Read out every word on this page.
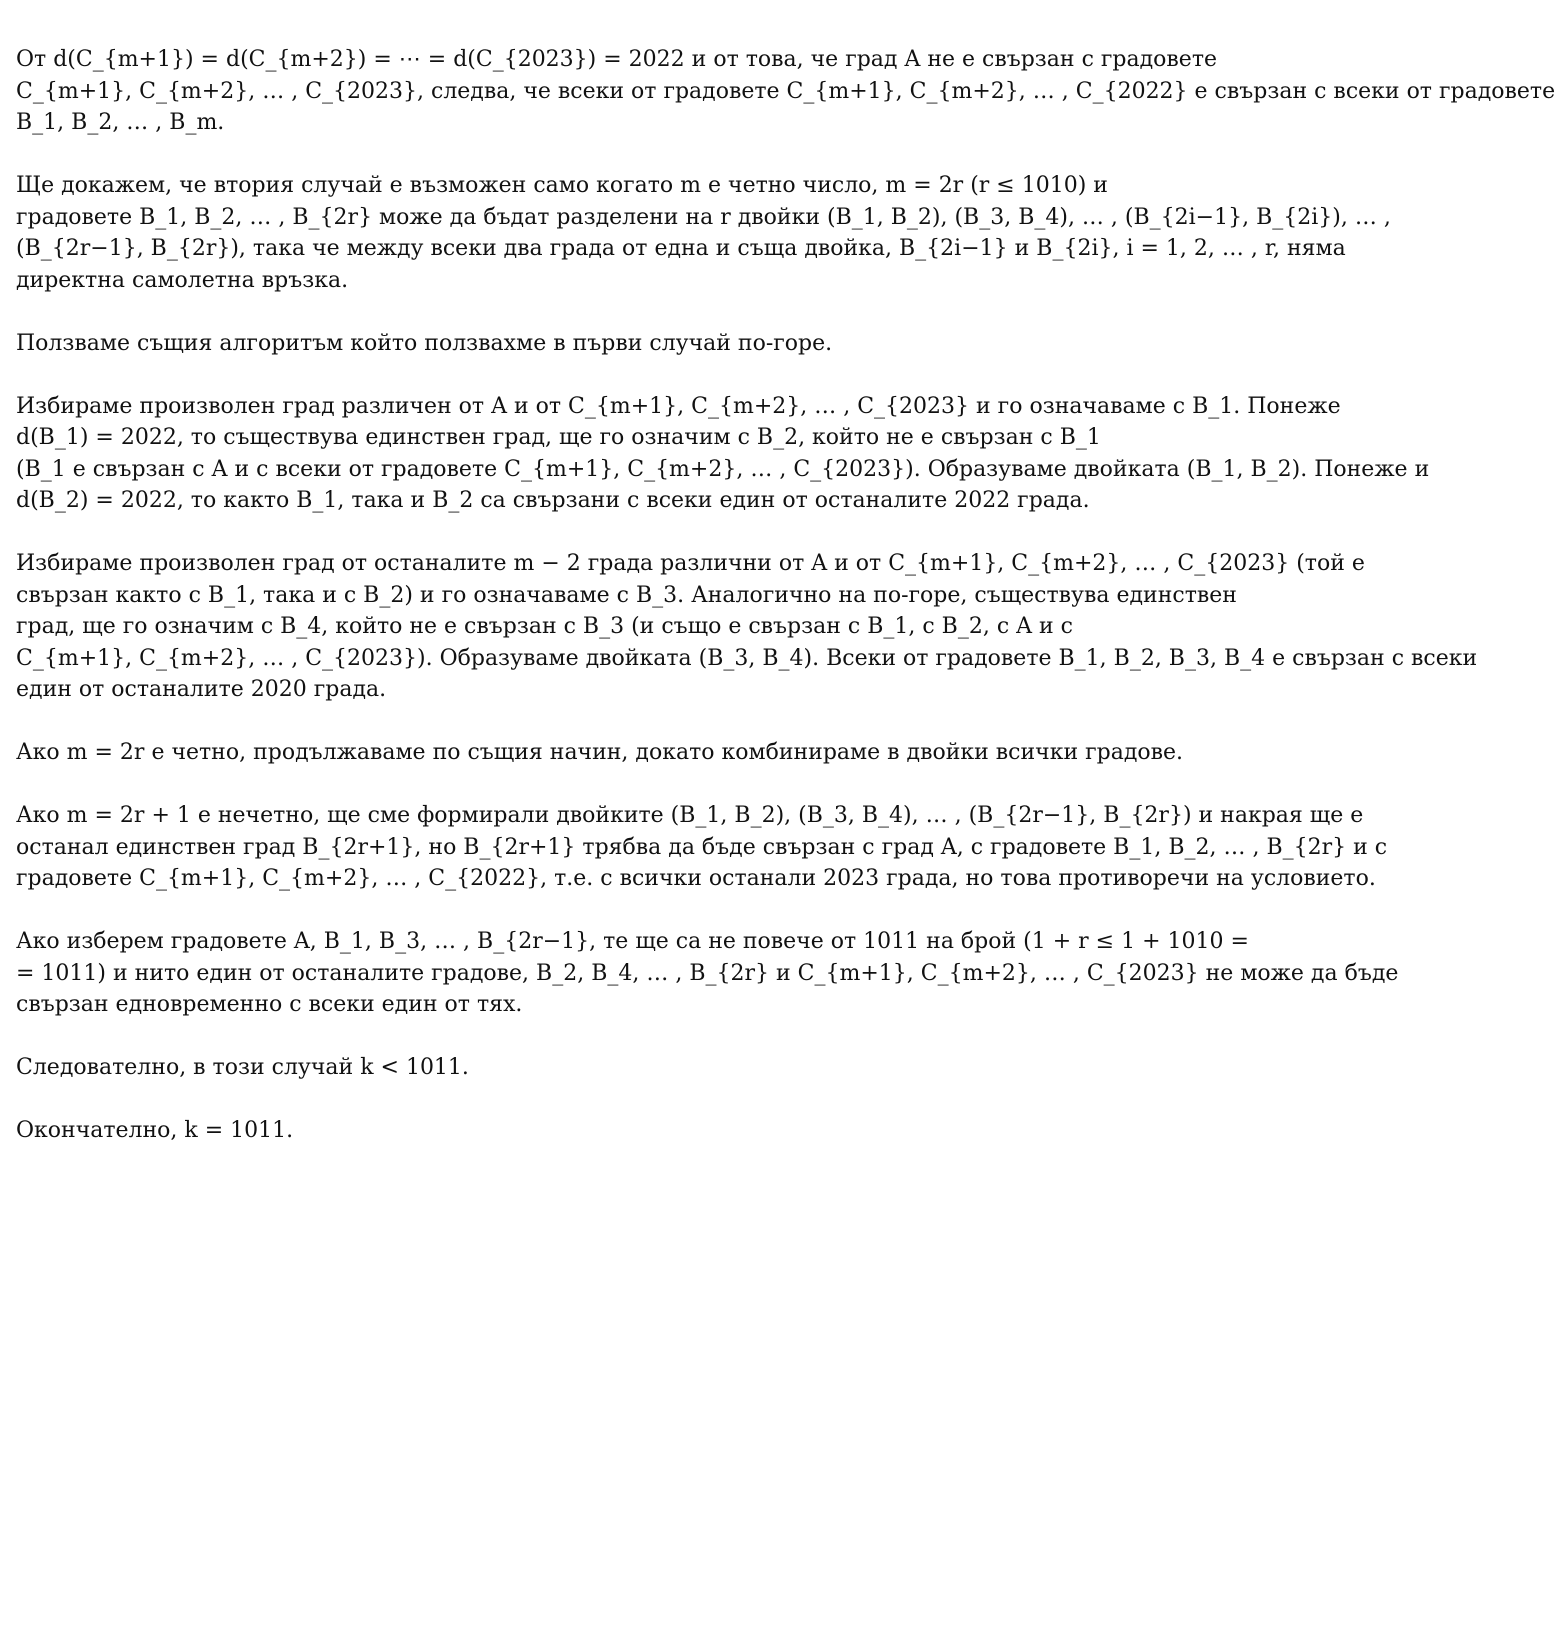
От d(C_{m+1}) = d(C_{m+2}) = ⋯ = d(C_{2023}) = 2022 и от това, че град A не е свързан с градовете
C_{m+1}, C_{m+2}, … , C_{2023}, следва, че всеки от градовете C_{m+1}, C_{m+2}, … , C_{2022} е свързан с всеки от градовете
B_1, B_2, … , B_m.

Ще докажем, че втория случай е възможен само когато m е четно число, m = 2r (r ≤ 1010) и
градовете B_1, B_2, … , B_{2r} може да бъдат разделени на r двойки (B_1, B_2), (B_3, B_4), … , (B_{2i−1}, B_{2i}), … ,
(B_{2r−1}, B_{2r}), така че между всеки два града от една и съща двойка, B_{2i−1} и B_{2i}, i = 1, 2, … , r, няма
директна самолетна връзка.

Ползваме същия алгоритъм който ползвахме в първи случай по-горе.

Избираме произволен град различен от A и от C_{m+1}, C_{m+2}, … , C_{2023} и го означаваме с B_1. Понеже
d(B_1) = 2022, то съществува единствен град, ще го означим с B_2, който не е свързан с B_1
(B_1 е свързан с A и с всеки от градовете C_{m+1}, C_{m+2}, … , C_{2023}). Образуваме двойката (B_1, B_2). Понеже и
d(B_2) = 2022, то както B_1, така и B_2 са свързани с всеки един от останалите 2022 града.

Избираме произволен град от останалите m − 2 града различни от A и от C_{m+1}, C_{m+2}, … , C_{2023} (той е
свързан както с B_1, така и с B_2) и го означаваме с B_3. Аналогично на по-горе, съществува единствен
град, ще го означим с B_4, който не е свързан с B_3 (и също е свързан с B_1, с B_2, с A и с
C_{m+1}, C_{m+2}, … , C_{2023}). Образуваме двойката (B_3, B_4). Всеки от градовете B_1, B_2, B_3, B_4 е свързан с всеки
един от останалите 2020 града.

Ако m = 2r е четно, продължаваме по същия начин, докато комбинираме в двойки всички градове.

Ако m = 2r + 1 е нечетно, ще сме формирали двойките (B_1, B_2), (B_3, B_4), … , (B_{2r−1}, B_{2r}) и накрая ще е
останал единствен град B_{2r+1}, но B_{2r+1} трябва да бъде свързан с град A, с градовете B_1, B_2, … , B_{2r} и с
градовете C_{m+1}, C_{m+2}, … , C_{2022}, т.е. с всички останали 2023 града, но това противоречи на условието.

Ако изберем градовете A, B_1, B_3, … , B_{2r−1}, те ще са не повече от 1011 на брой (1 + r ≤ 1 + 1010 =
= 1011) и нито един от останалите градове, B_2, B_4, … , B_{2r} и C_{m+1}, C_{m+2}, … , C_{2023} не може да бъде
свързан едновременно с всеки един от тях.

Следователно, в този случай k < 1011.

Окончателно, k = 1011.
